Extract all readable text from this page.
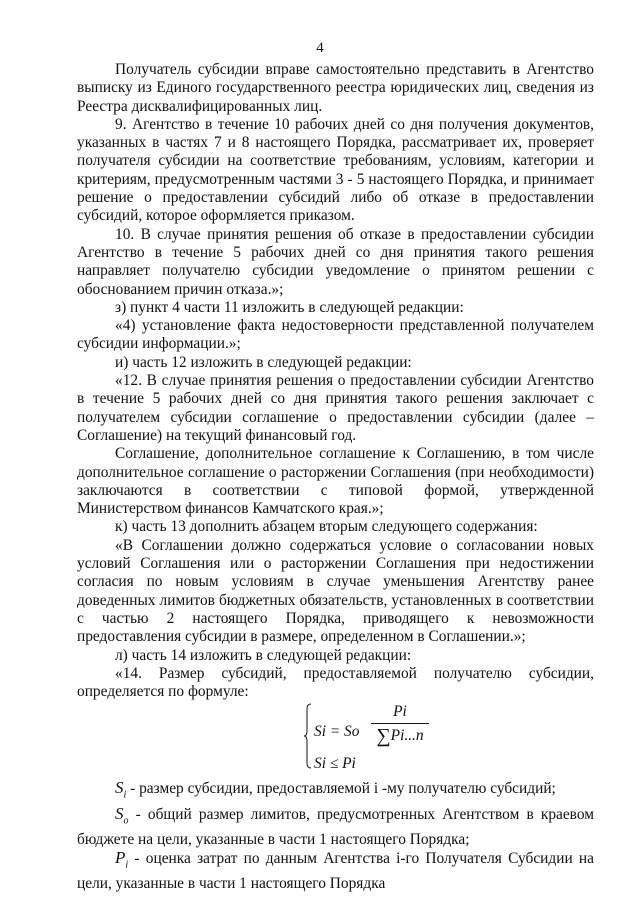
4

Получатель субсидии вправе самостоятельно представить в Агентство выписку из Единого государственного реестра юридических лиц, сведения из Реестра дисквалифицированных лиц.

9. Агентство в течение 10 рабочих дней со дня получения документов, указанных в частях 7 и 8 настоящего Порядка, рассматривает их, проверяет получателя субсидии на соответствие требованиям, условиям, категории и критериям, предусмотренным частями 3 - 5 настоящего Порядка, и принимает решение о предоставлении субсидий либо об отказе в предоставлении субсидий, которое оформляется приказом.

10. В случае принятия решения об отказе в предоставлении субсидии Агентство в течение 5 рабочих дней со дня принятия такого решения направляет получателю субсидии уведомление о принятом решении с обоснованием причин отказа.»;

з) пункт 4 части 11 изложить в следующей редакции:

«4) установление факта недостоверности представленной получателем субсидии информации.»;

и) часть 12 изложить в следующей редакции:

«12. В случае принятия решения о предоставлении субсидии Агентство в течение 5 рабочих дней со дня принятия такого решения заключает с получателем субсидии соглашение о предоставлении субсидии (далее – Соглашение) на текущий финансовый год.

Соглашение, дополнительное соглашение к Соглашению, в том числе дополнительное соглашение о расторжении Соглашения (при необходимости) заключаются в соответствии с типовой формой, утвержденной Министерством финансов Камчатского края.»;

к) часть 13 дополнить абзацем вторым следующего содержания:

«В Соглашении должно содержаться условие о согласовании новых условий Соглашения или о расторжении Соглашения при недостижении согласия по новым условиям в случае уменьшения Агентству ранее доведенных лимитов бюджетных обязательств, установленных в соответствии с частью 2 настоящего Порядка, приводящего к невозможности предоставления субсидии в размере, определенном в Соглашении.»;

л) часть 14 изложить в следующей редакции:

«14. Размер субсидий, предоставляемой получателю субсидии, определяется по формуле:

Si = So
Pi
∑Pi...n
Si ≤ Pi

$S_i$ - размер субсидии, предоставляемой i -му получателю субсидий;

$S_o$ - общий размер лимитов, предусмотренных Агентством в краевом бюджете на цели, указанные в части 1 настоящего Порядка;

$P_i$ - оценка затрат по данным Агентства i-го Получателя Субсидии на цели, указанные в части 1 настоящего Порядка
